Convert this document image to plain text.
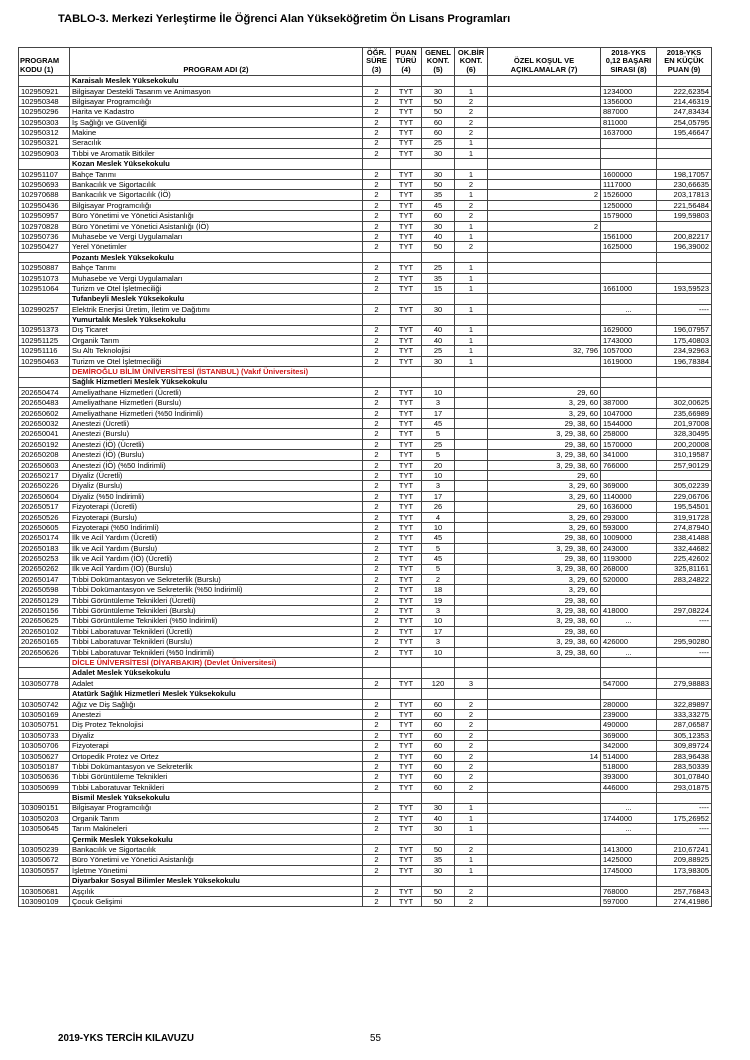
TABLO-3. Merkezi Yerleştirme İle Öğrenci Alan Yükseköğretim Ön Lisans Programları
PROGRAM
KODU (1)	PROGRAM ADI (2)	ÖĞR.
SÜRE
(3)	PUAN
TÜRÜ
(4)	GENEL
KONT.
(5)	OK.BİR
KONT.
(6)	ÖZEL KOŞUL VE
AÇIKLAMALAR (7)	2018-YKS
0,12 BAŞARI
SIRASI (8)	2018-YKS
EN KÜÇÜK
PUAN (9)
	Karaisalı Meslek Yüksekokulu							
102950921	Bilgisayar Destekli Tasarım ve Animasyon	2	TYT	30	1		1234000	222,62354
102950348	Bilgisayar Programcılığı	2	TYT	50	2		1356000	214,46319
102950296	Harita ve Kadastro	2	TYT	50	2		887000	247,83434
102950303	İş Sağlığı ve Güvenliği	2	TYT	60	2		811000	254,05795
102950312	Makine	2	TYT	60	2		1637000	195,46647
102950321	Seracılık	2	TYT	25	1			
102950903	Tıbbi ve Aromatik Bitkiler	2	TYT	30	1			
	Kozan Meslek Yüksekokulu							
102951107	Bahçe Tarımı	2	TYT	30	1		1600000	198,17057
102950693	Bankacılık ve Sigortacılık	2	TYT	50	2		1117000	230,66635
102970688	Bankacılık ve Sigortacılık (İÖ)	2	TYT	35	1	2	1526000	203,17813
102950436	Bilgisayar Programcılığı	2	TYT	45	2		1250000	221,56484
102950957	Büro Yönetimi ve Yönetici Asistanlığı	2	TYT	60	2		1579000	199,59803
102970828	Büro Yönetimi ve Yönetici Asistanlığı (İÖ)	2	TYT	30	1	2		
102950736	Muhasebe ve Vergi Uygulamaları	2	TYT	40	1		1561000	200,82217
102950427	Yerel Yönetimler	2	TYT	50	2		1625000	196,39002
	Pozantı Meslek Yüksekokulu							
102950887	Bahçe Tarımı	2	TYT	25	1			
102951073	Muhasebe ve Vergi Uygulamaları	2	TYT	35	1			
102951064	Turizm ve Otel İşletmeciliği	2	TYT	15	1		1661000	193,59523
	Tufanbeyli Meslek Yüksekokulu							
102990257	Elektrik Enerjisi Üretim, İletim ve Dağıtımı	2	TYT	30	1		...	----
	Yumurtalık Meslek Yüksekokulu							
102951373	Dış Ticaret	2	TYT	40	1		1629000	196,07957
102951125	Organik Tarım	2	TYT	40	1		1743000	175,40803
102951116	Su Altı Teknolojisi	2	TYT	25	1	32, 796	1057000	234,92963
102950463	Turizm ve Otel İşletmeciliği	2	TYT	30	1		1619000	196,78384
	DEMİROĞLU BİLİM ÜNİVERSİTESİ (İSTANBUL) (Vakıf Üniversitesi)							
	Sağlık Hizmetleri Meslek Yüksekokulu							
202650474	Ameliyathane Hizmetleri (Ücretli)	2	TYT	10		29, 60		
202650483	Ameliyathane Hizmetleri (Burslu)	2	TYT	3		3, 29, 60	387000	302,00625
202650602	Ameliyathane Hizmetleri (%50 İndirimli)	2	TYT	17		3, 29, 60	1047000	235,66989
202650032	Anestezi (Ücretli)	2	TYT	45		29, 38, 60	1544000	201,97008
202650041	Anestezi (Burslu)	2	TYT	5		3, 29, 38, 60	258000	328,30495
202650192	Anestezi (İÖ) (Ücretli)	2	TYT	25		29, 38, 60	1570000	200,20008
202650208	Anestezi (İÖ) (Burslu)	2	TYT	5		3, 29, 38, 60	341000	310,19587
202650603	Anestezi (İÖ) (%50 İndirimli)	2	TYT	20		3, 29, 38, 60	766000	257,90129
202650217	Diyaliz (Ücretli)	2	TYT	10		29, 60		
202650226	Diyaliz (Burslu)	2	TYT	3		3, 29, 60	369000	305,02239
202650604	Diyaliz (%50 İndirimli)	2	TYT	17		3, 29, 60	1140000	229,06706
202650517	Fizyoterapi (Ücretli)	2	TYT	26		29, 60	1636000	195,54501
202650526	Fizyoterapi (Burslu)	2	TYT	4		3, 29, 60	293000	319,91728
202650605	Fizyoterapi (%50 İndirimli)	2	TYT	10		3, 29, 60	593000	274,87940
202650174	İlk ve Acil Yardım (Ücretli)	2	TYT	45		29, 38, 60	1009000	238,41488
202650183	İlk ve Acil Yardım (Burslu)	2	TYT	5		3, 29, 38, 60	243000	332,44682
202650253	İlk ve Acil Yardım (İÖ) (Ücretli)	2	TYT	45		29, 38, 60	1193000	225,42602
202650262	İlk ve Acil Yardım (İÖ) (Burslu)	2	TYT	5		3, 29, 38, 60	268000	325,81161
202650147	Tıbbi Dokümantasyon ve Sekreterlik (Burslu)	2	TYT	2		3, 29, 60	520000	283,24822
202650598	Tıbbi Dokümantasyon ve Sekreterlik (%50 İndirimli)	2	TYT	18		3, 29, 60		
202650129	Tıbbi Görüntüleme Teknikleri (Ücretli)	2	TYT	19		29, 38, 60		
202650156	Tıbbi Görüntüleme Teknikleri (Burslu)	2	TYT	3		3, 29, 38, 60	418000	297,08224
202650625	Tıbbi Görüntüleme Teknikleri (%50 İndirimli)	2	TYT	10		3, 29, 38, 60	...	----
202650102	Tıbbi Laboratuvar Teknikleri (Ücretli)	2	TYT	17		29, 38, 60		
202650165	Tıbbi Laboratuvar Teknikleri (Burslu)	2	TYT	3		3, 29, 38, 60	426000	295,90280
202650626	Tıbbi Laboratuvar Teknikleri (%50 İndirimli)	2	TYT	10		3, 29, 38, 60	...	----
	DİCLE ÜNİVERSİTESİ (DİYARBAKIR) (Devlet Üniversitesi)							
	Adalet Meslek Yüksekokulu							
103050778	Adalet	2	TYT	120	3		547000	279,98883
	Atatürk Sağlık Hizmetleri Meslek Yüksekokulu							
103050742	Ağız ve Diş Sağlığı	2	TYT	60	2		280000	322,89897
103050169	Anestezi	2	TYT	60	2		239000	333,33275
103050751	Diş Protez Teknolojisi	2	TYT	60	2		490000	287,06587
103050733	Diyaliz	2	TYT	60	2		369000	305,12353
103050706	Fizyoterapi	2	TYT	60	2		342000	309,89724
103050627	Ortopedik Protez ve Ortez	2	TYT	60	2	14	514000	283,96438
103050187	Tıbbi Dokümantasyon ve Sekreterlik	2	TYT	60	2		518000	283,50339
103050636	Tıbbi Görüntüleme Teknikleri	2	TYT	60	2		393000	301,07840
103050699	Tıbbi Laboratuvar Teknikleri	2	TYT	60	2		446000	293,01875
	Bismil Meslek Yüksekokulu							
103090151	Bilgisayar Programcılığı	2	TYT	30	1		...	----
103050203	Organik Tarım	2	TYT	40	1		1744000	175,26952
103050645	Tarım Makineleri	2	TYT	30	1		...	----
	Çermik Meslek Yüksekokulu							
103050239	Bankacılık ve Sigortacılık	2	TYT	50	2		1413000	210,67241
103050672	Büro Yönetimi ve Yönetici Asistanlığı	2	TYT	35	1		1425000	209,88925
103050557	İşletme Yönetimi	2	TYT	30	1		1745000	173,98305
	Diyarbakır Sosyal Bilimler Meslek Yüksekokulu							
103050681	Aşçılık	2	TYT	50	2		768000	257,76843
103090109	Çocuk Gelişimi	2	TYT	50	2		597000	274,41986
2019-YKS TERCİH KILAVUZU	55
